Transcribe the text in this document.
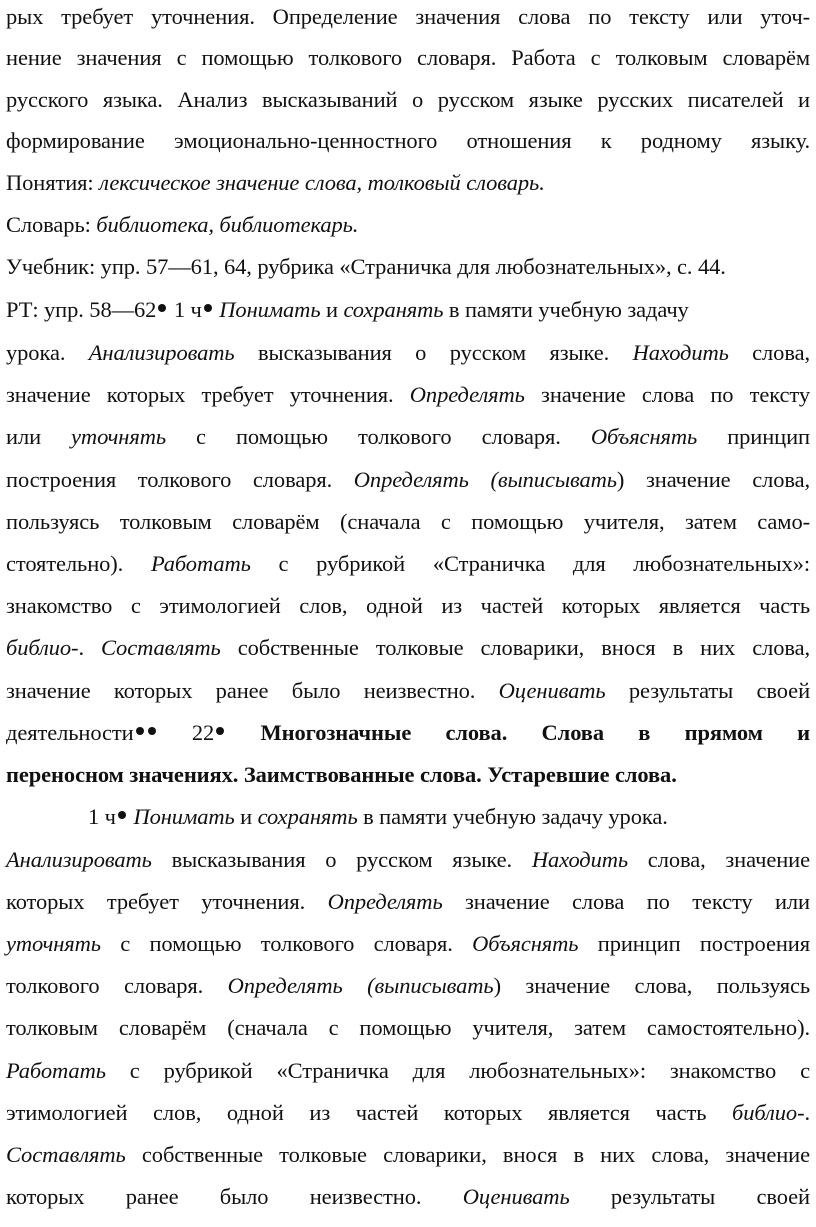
рых требует уточнения. Определение значения слова по тексту или уточ-
нение значения с помощью толкового словаря. Работа с толковым словарём
русского языка. Анализ высказываний о русском языке русских писателей и
формирование эмоционально-ценностного отношения к родному языку.
Понятия: лексическое значение слова, толковый словарь.
Словарь: библиотека, библиотекарь.
Учебник: упр. 57—61, 64, рубрика «Страничка для любознательных», с. 44.
РТ: упр. 58—62 1 ч Понимать и сохранять в памяти учебную задачу
урока. Анализировать высказывания о русском языке. Находить слова,
значение которых требует уточнения. Определять значение слова по тексту
или уточнять с помощью толкового словаря. Объяснять принцип
построения толкового словаря. Определять (выписывать) значение слова,
пользуясь толковым словарём (сначала с помощью учителя, затем само-
стоятельно). Работать с рубрикой «Страничка для любознательных»:
знакомство с этимологией слов, одной из частей которых является часть
библио-. Составлять собственные толковые словарики, внося в них слова,
значение которых ранее было неизвестно. Оценивать результаты своей
деятельности 22 Многозначные слова. Слова в прямом и
переносном значениях. Заимствованные слова. Устаревшие слова.
1 ч Понимать и сохранять в памяти учебную задачу урока.
Анализировать высказывания о русском языке. Находить слова, значение
которых требует уточнения. Определять значение слова по тексту или
уточнять с помощью толкового словаря. Объяснять принцип построения
толкового словаря. Определять (выписывать) значение слова, пользуясь
толковым словарём (сначала с помощью учителя, затем самостоятельно).
Работать с рубрикой «Страничка для любознательных»: знакомство с
этимологией слов, одной из частей которых является часть библио-.
Составлять собственные толковые словарики, внося в них слова, значение
которых ранее было неизвестно. Оценивать результаты своей
